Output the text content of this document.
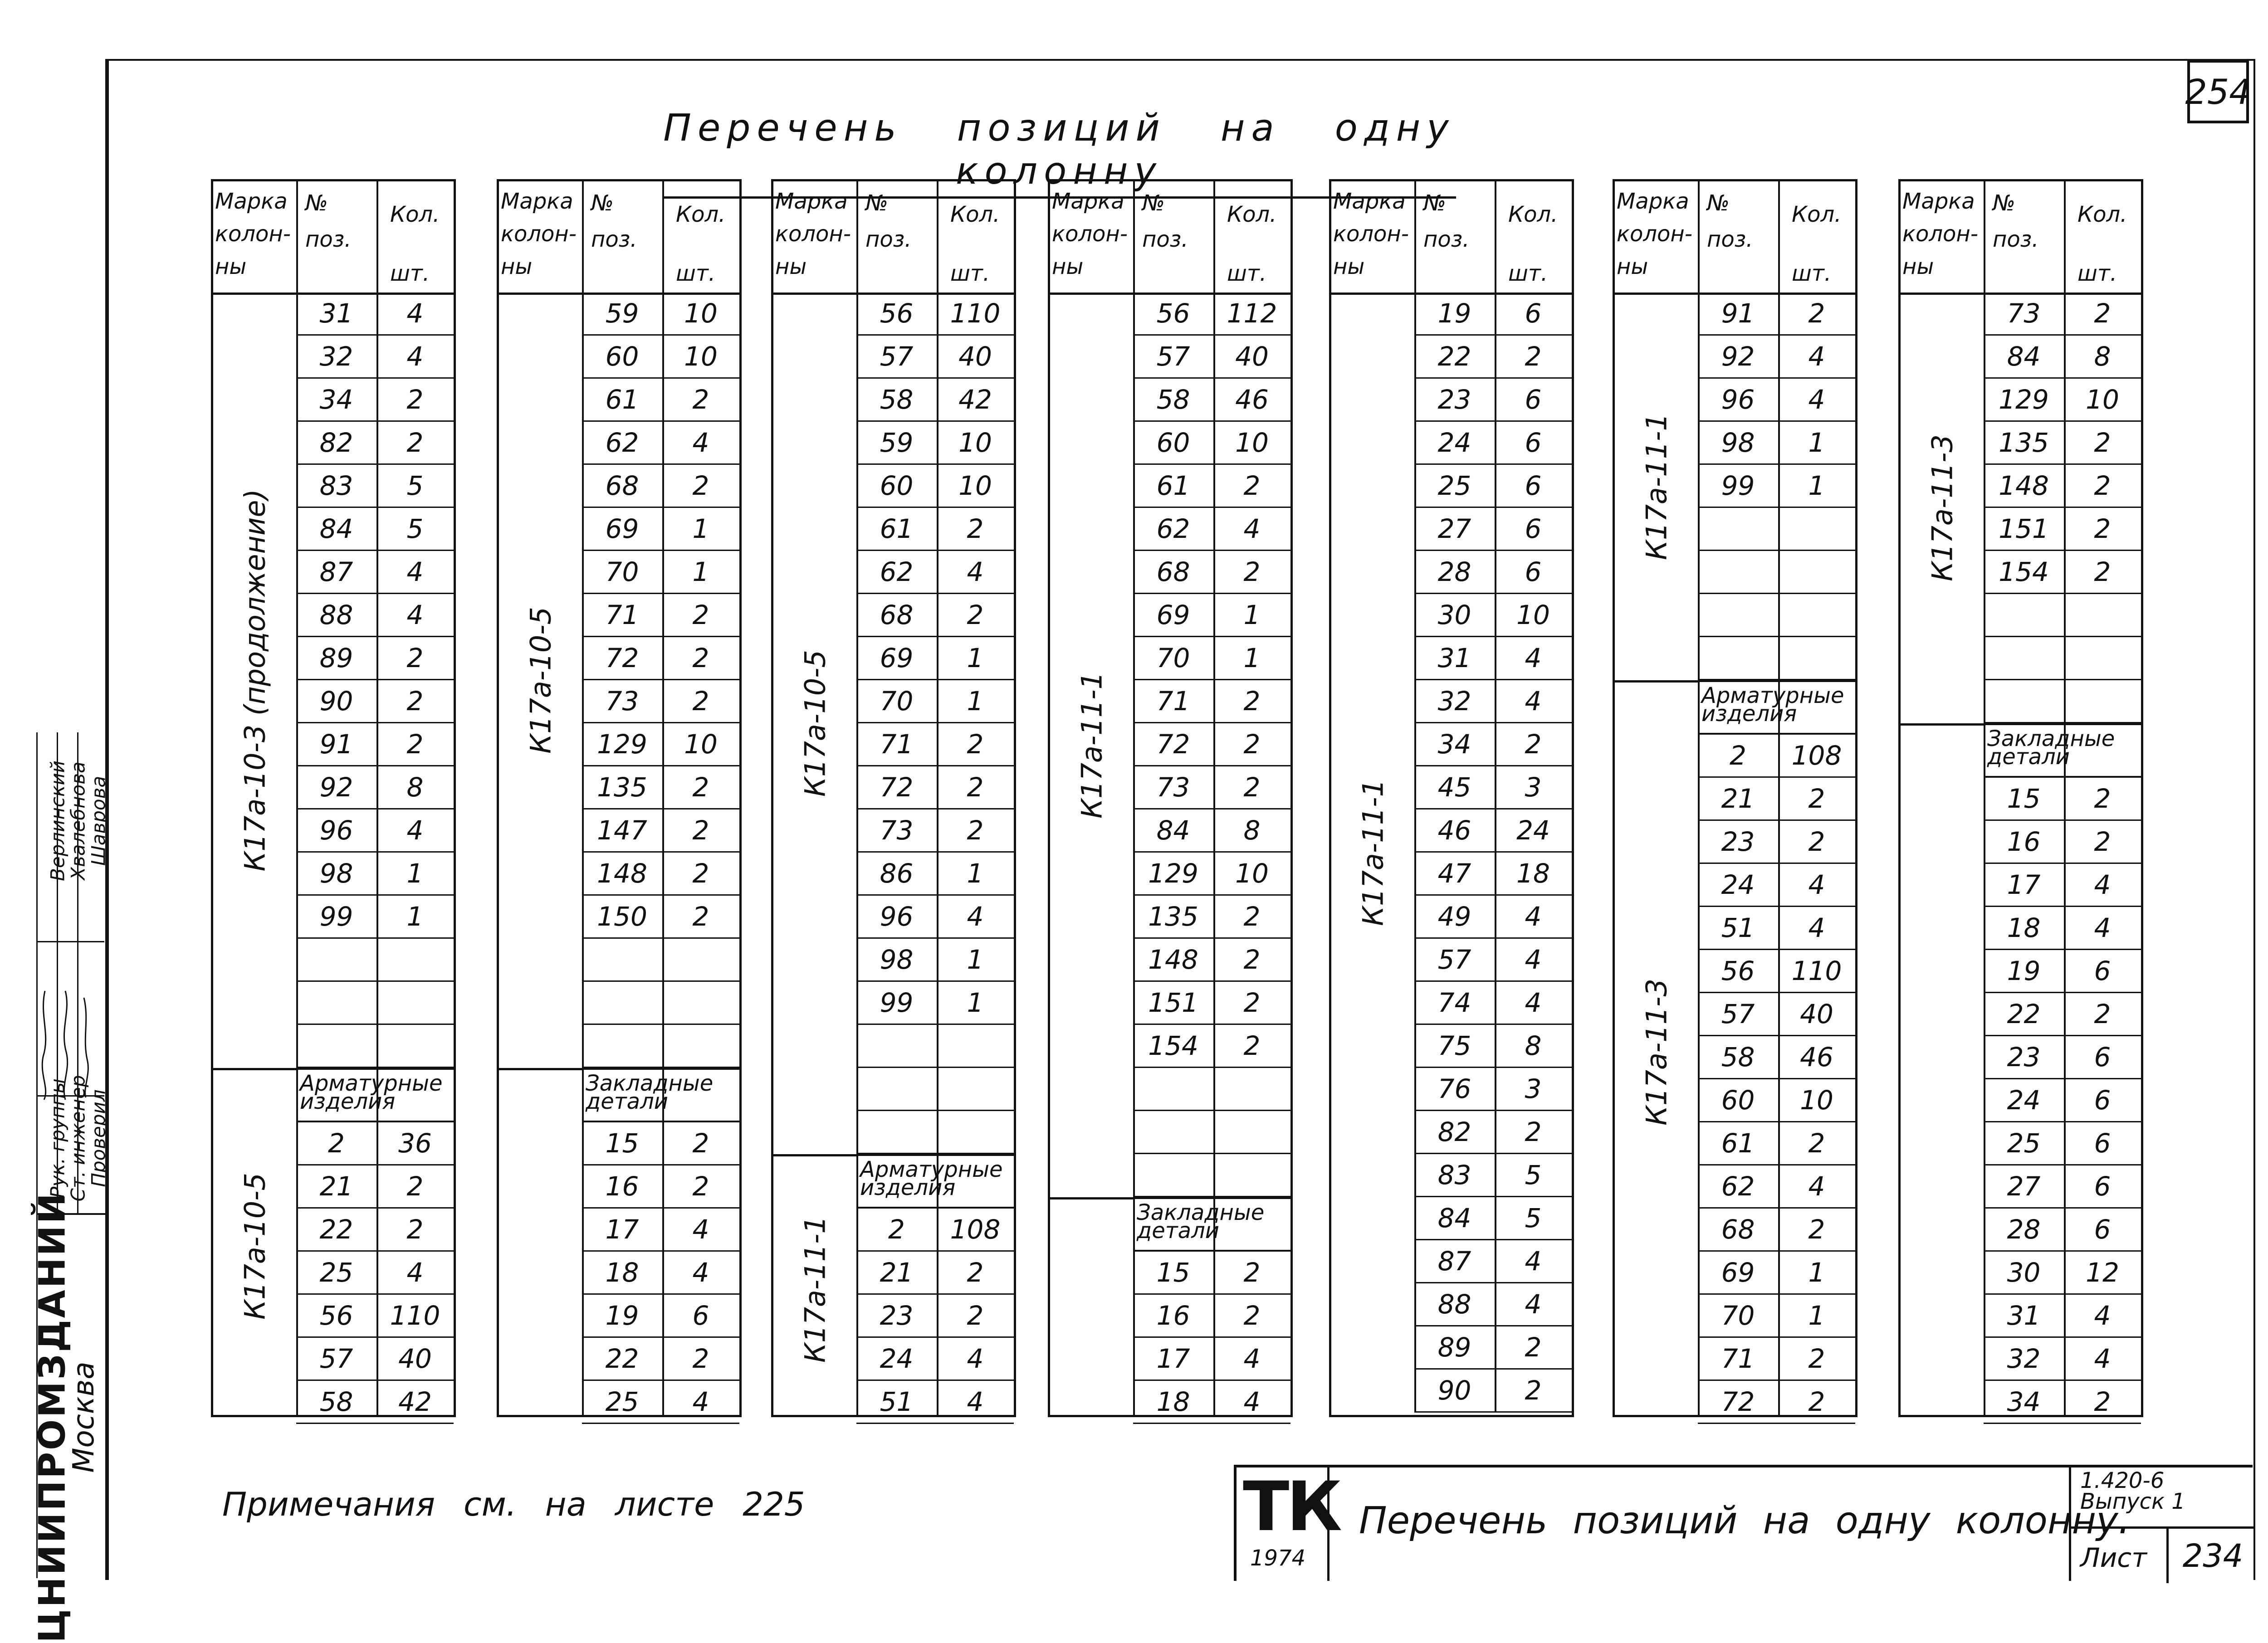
254
Перечень позиций на одну колонну
Марка колон- ны
№ поз.
Кол. шт.
31	4
32	4
34	2
82	2
83	5
84	5
87	4
88	4
89	2
90	2
91	2
92	8
96	4
98	1
99	1
К17а-10-3 (продолжение)
Арматурные изделия
2	36
21	2
22	2
25	4
56	110
57	40
58	42
К17а-10-5
Марка колон- ны
№ поз.
Кол. шт.
59	10
60	10
61	2
62	4
68	2
69	1
70	1
71	2
72	2
73	2
129	10
135	2
147	2
148	2
150	2
К17а-10-5
Закладные детали
15	2
16	2
17	4
18	4
19	6
22	2
25	4
Марка колон- ны
№ поз.
Кол. шт.
56	110
57	40
58	42
59	10
60	10
61	2
62	4
68	2
69	1
70	1
71	2
72	2
73	2
86	1
96	4
98	1
99	1
К17а-10-5
Арматурные изделия
2	108
21	2
23	2
24	4
51	4
К17а-11-1
Марка колон- ны
№ поз.
Кол. шт.
56	112
57	40
58	46
60	10
61	2
62	4
68	2
69	1
70	1
71	2
72	2
73	2
84	8
129	10
135	2
148	2
151	2
154	2
К17а-11-1
Закладные детали
15	2
16	2
17	4
18	4
Марка колон- ны
№ поз.
Кол. шт.
19	6
22	2
23	6
24	6
25	6
27	6
28	6
30	10
31	4
32	4
34	2
45	3
46	24
47	18
49	4
57	4
74	4
75	8
76	3
82	2
83	5
84	5
87	4
88	4
89	2
90	2
К17а-11-1
Марка колон- ны
№ поз.
Кол. шт.
91	2
92	4
96	4
98	1
99	1
К17а-11-1
Арматурные изделия
2	108
21	2
23	2
24	4
51	4
56	110
57	40
58	46
60	10
61	2
62	4
68	2
69	1
70	1
71	2
72	2
К17а-11-3
Марка колон- ны
№ поз.
Кол. шт.
73	2
84	8
129	10
135	2
148	2
151	2
154	2
К17а-11-3
Закладные детали
15	2
16	2
17	4
18	4
19	6
22	2
23	6
24	6
25	6
27	6
28	6
30	12
31	4
32	4
34	2
Рук. группы
Ст. инженер
Проверил
Верлинский
Хвалебнова
Шаврова
ЦНИИПРОМЗДАНИЙ
Москва
Примечания см. на листе 225	ТК
1974
Перечень позиций на одну колонну.
1.420-6
Выпуск 1
Лист	234
